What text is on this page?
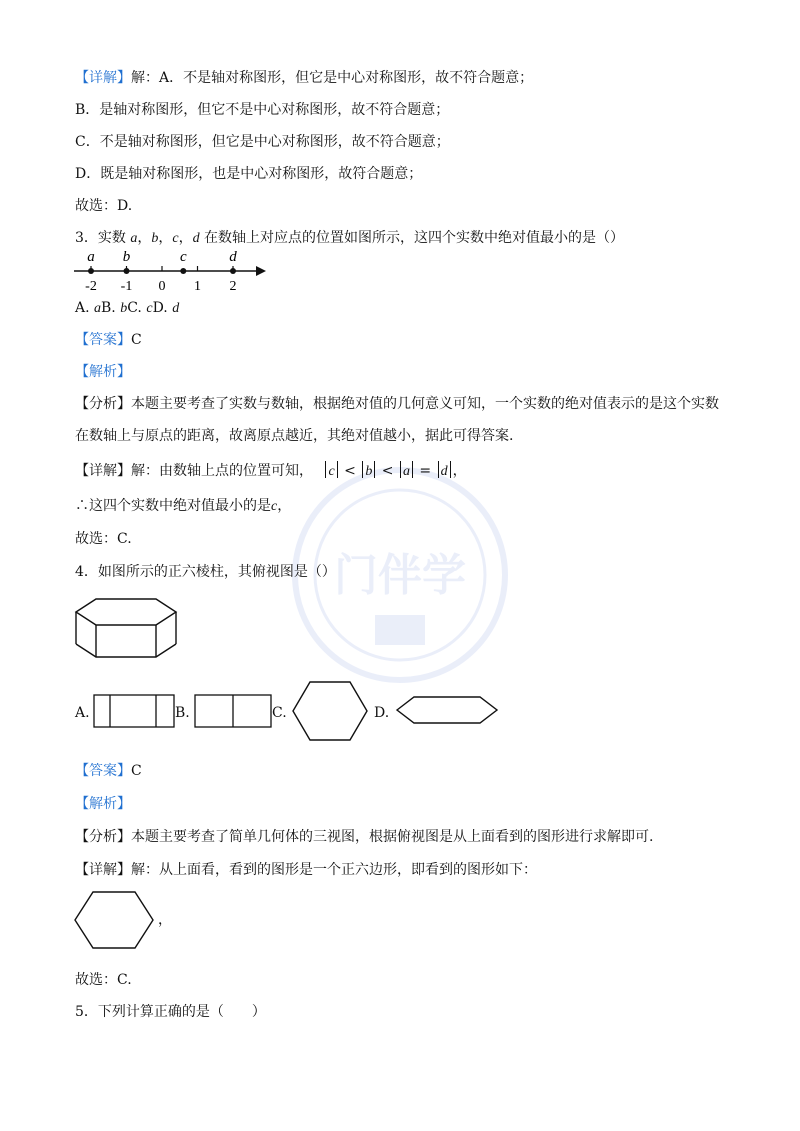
门伴学
【详解】解：A．不是轴对称图形，但它是中心对称图形，故不符合题意；
B．是轴对称图形，但它不是中心对称图形，故不符合题意；
C．不是轴对称图形，但它是中心对称图形，故不符合题意；
D．既是轴对称图形，也是中心对称图形，故符合题意；
故选：D.
3．实数 a，b，c，d 在数轴上对应点的位置如图所示，这四个实数中绝对值最小的是（）
-2 -1 0 1 2
a b	c	d
A. aB. bC. cD. d
【答案】C
【解析】
【分析】本题主要考查了实数与数轴，根据绝对值的几何意义可知，一个实数的绝对值表示的是这个实数
在数轴上与原点的距离，故离原点越近，其绝对值越小，据此可得答案.
【详解】解：由数轴上点的位置可知， c < b < a = d ，
∴这四个实数中绝对值最小的是c，
故选：C.
4．如图所示的正六棱柱，其俯视图是（）
A.	B.	C.	D.
【答案】C
【解析】
【分析】本题主要考查了简单几何体的三视图，根据俯视图是从上面看到的图形进行求解即可.
【详解】解：从上面看，看到的图形是一个正六边形，即看到的图形如下：
，
故选：C.
5．下列计算正确的是（　　）
